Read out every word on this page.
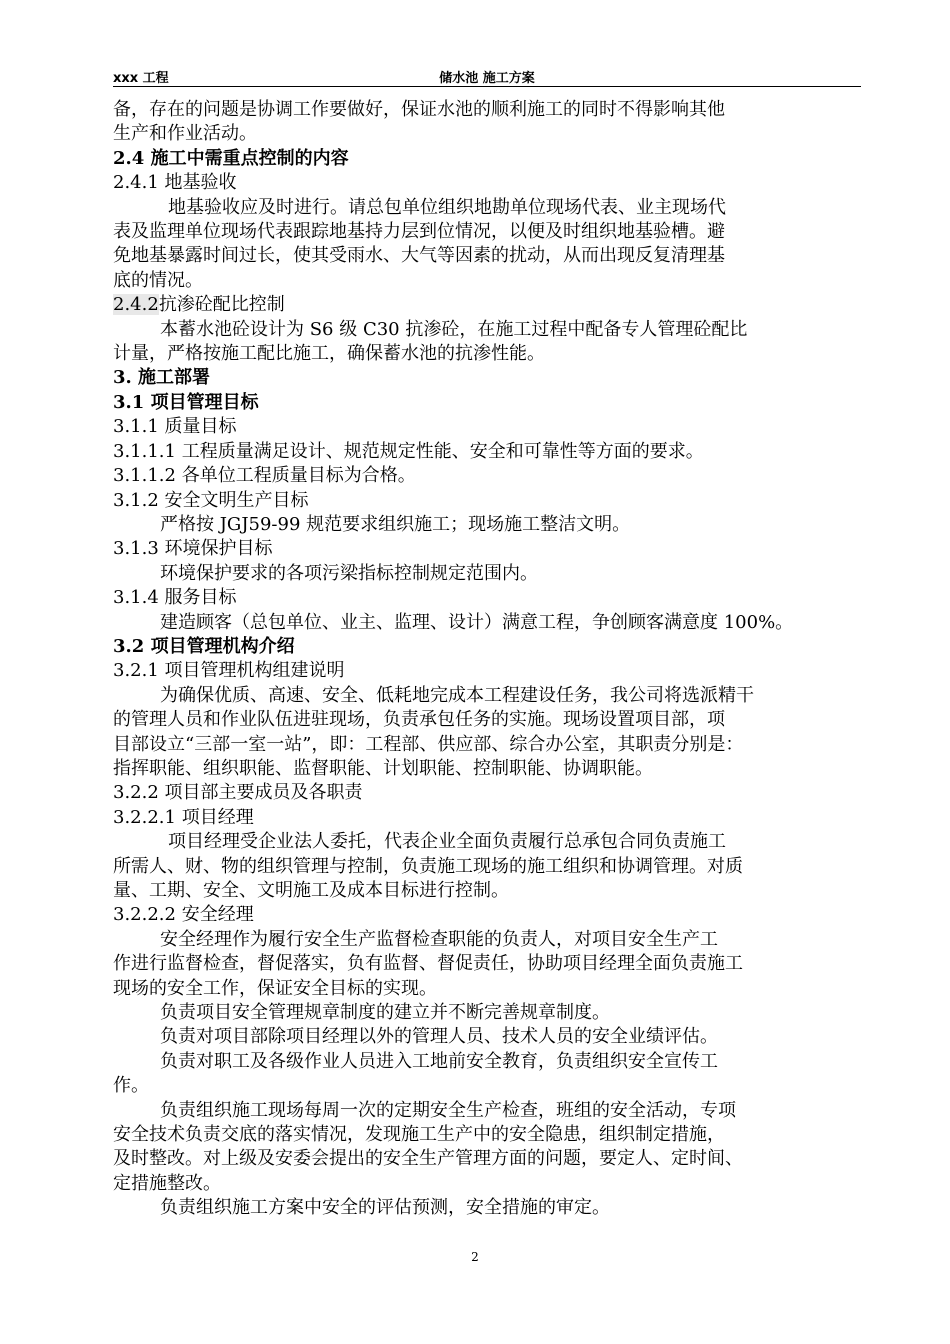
xxx 工程	储水池 施工方案

备，存在的问题是协调工作要做好，保证水池的顺利施工的同时不得影响其他

生产和作业活动。

2.4 施工中需重点控制的内容

2.4.1 地基验收

地基验收应及时进行。请总包单位组织地勘单位现场代表、业主现场代

表及监理单位现场代表跟踪地基持力层到位情况，以便及时组织地基验槽。避

免地基暴露时间过长，使其受雨水、大气等因素的扰动，从而出现反复清理基

底的情况。

2.4.2抗渗砼配比控制

本蓄水池砼设计为 S6 级 C30 抗渗砼，在施工过程中配备专人管理砼配比

计量，严格按施工配比施工，确保蓄水池的抗渗性能。

3. 施工部署

3.1 项目管理目标

3.1.1 质量目标

3.1.1.1 工程质量满足设计、规范规定性能、安全和可靠性等方面的要求。

3.1.1.2 各单位工程质量目标为合格。

3.1.2 安全文明生产目标

严格按 JGJ59-99 规范要求组织施工；现场施工整洁文明。

3.1.3 环境保护目标

环境保护要求的各项污梁指标控制规定范围内。

3.1.4 服务目标

建造顾客（总包单位、业主、监理、设计）满意工程，争创顾客满意度 100%。

3.2 项目管理机构介绍

3.2.1 项目管理机构组建说明

为确保优质、高速、安全、低耗地完成本工程建设任务，我公司将选派精干

的管理人员和作业队伍进驻现场，负责承包任务的实施。现场设置项目部，项

目部设立“三部一室一站”，即：工程部、供应部、综合办公室，其职责分别是：

指挥职能、组织职能、监督职能、计划职能、控制职能、协调职能。

3.2.2 项目部主要成员及各职责

3.2.2.1 项目经理

项目经理受企业法人委托，代表企业全面负责履行总承包合同负责施工

所需人、财、物的组织管理与控制，负责施工现场的施工组织和协调管理。对质

量、工期、安全、文明施工及成本目标进行控制。

3.2.2.2 安全经理

安全经理作为履行安全生产监督检查职能的负责人，对项目安全生产工

作进行监督检查，督促落实，负有监督、督促责任，协助项目经理全面负责施工

现场的安全工作，保证安全目标的实现。

负责项目安全管理规章制度的建立并不断完善规章制度。

负责对项目部除项目经理以外的管理人员、技术人员的安全业绩评估。

负责对职工及各级作业人员进入工地前安全教育，负责组织安全宣传工

作。

负责组织施工现场每周一次的定期安全生产检查，班组的安全活动，专项

安全技术负责交底的落实情况，发现施工生产中的安全隐患，组织制定措施，

及时整改。对上级及安委会提出的安全生产管理方面的问题，要定人、定时间、

定措施整改。

负责组织施工方案中安全的评估预测，安全措施的审定。

2
